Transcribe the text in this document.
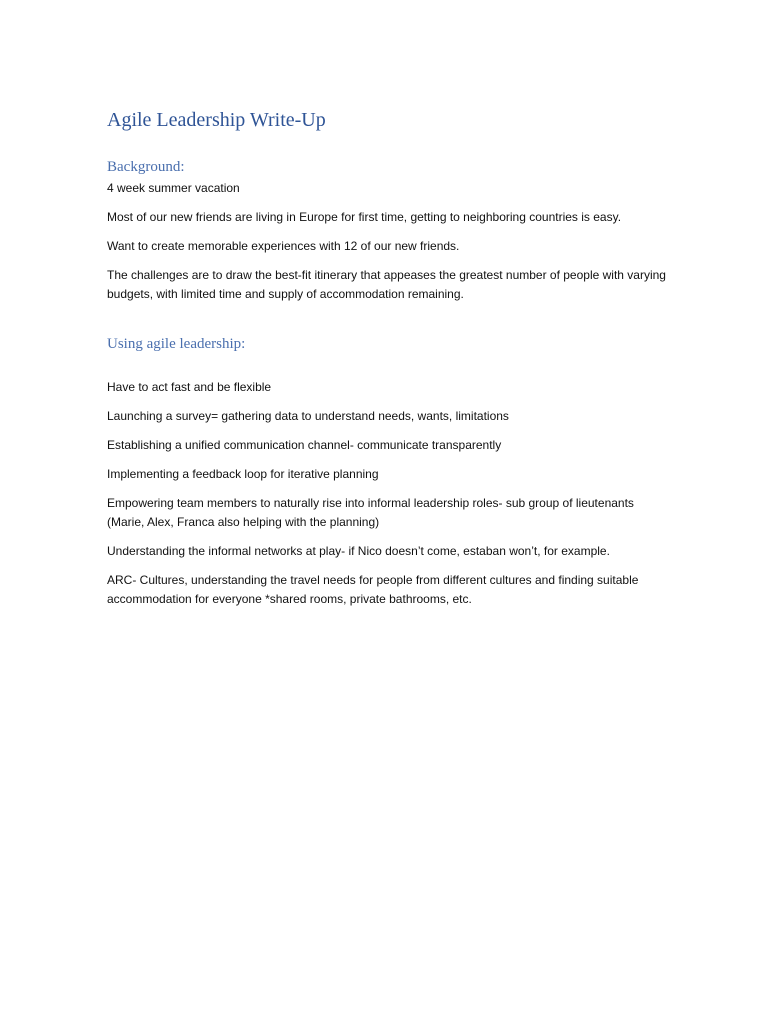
Agile Leadership Write-Up
Background:

4 week summer vacation

Most of our new friends are living in Europe for first time, getting to neighboring countries is easy.

Want to create memorable experiences with 12 of our new friends.

The challenges are to draw the best-fit itinerary that appeases the greatest number of people with varying budgets, with limited time and supply of accommodation remaining.

Using agile leadership:

Have to act fast and be flexible

Launching a survey= gathering data to understand needs, wants, limitations

Establishing a unified communication channel- communicate transparently

Implementing a feedback loop for iterative planning

Empowering team members to naturally rise into informal leadership roles- sub group of lieutenants (Marie, Alex, Franca also helping with the planning)

Understanding the informal networks at play- if Nico doesn’t come, estaban won’t, for example.

ARC- Cultures, understanding the travel needs for people from different cultures and finding suitable accommodation for everyone *shared rooms, private bathrooms, etc.
